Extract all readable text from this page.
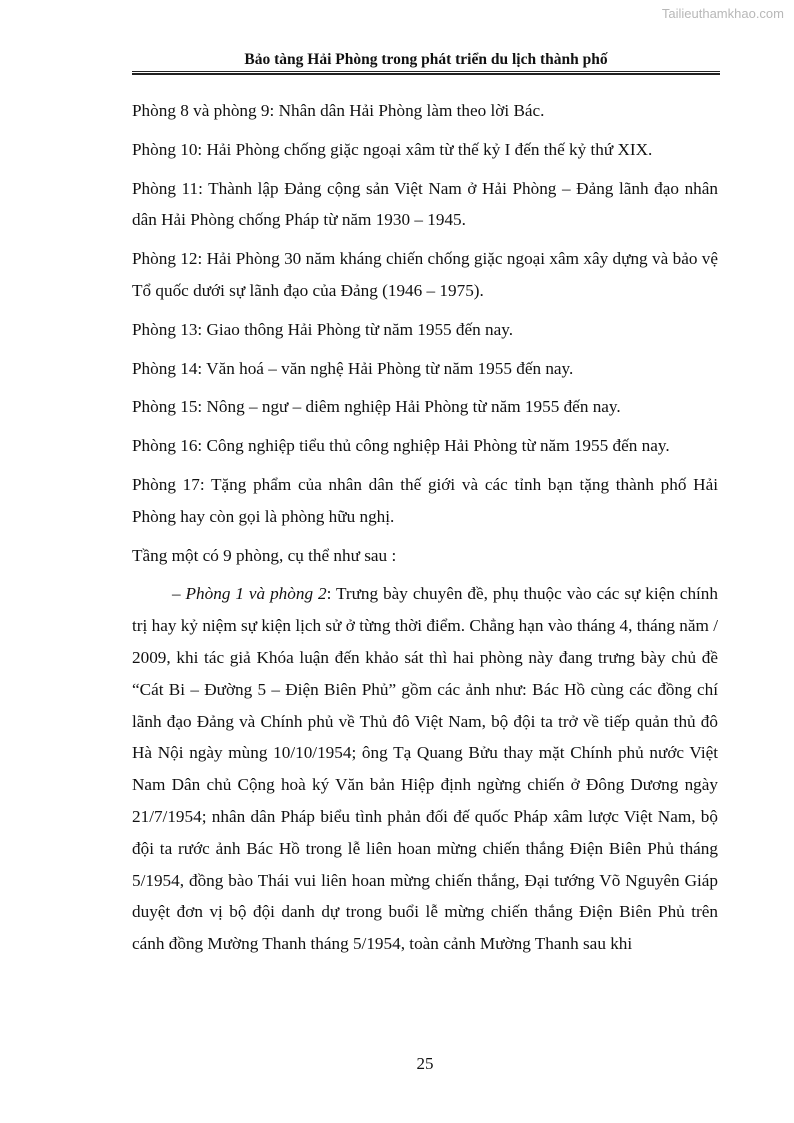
Tailieuthamkhao.com
Bảo tàng Hải Phòng trong phát triển du lịch thành phố

Phòng 8 và phòng 9: Nhân dân Hải Phòng làm theo lời Bác.

Phòng 10: Hải Phòng chống giặc ngoại xâm từ thế kỷ I đến thế kỷ thứ XIX.

Phòng 11: Thành lập Đảng cộng sản Việt Nam ở Hải Phòng – Đảng lãnh đạo nhân dân Hải Phòng chống Pháp từ năm 1930 – 1945.

Phòng 12: Hải Phòng 30 năm kháng chiến chống giặc ngoại xâm xây dựng và bảo vệ Tổ quốc dưới sự lãnh đạo của Đảng (1946 – 1975).

Phòng 13: Giao thông Hải Phòng từ năm 1955 đến nay.

Phòng 14: Văn hoá – văn nghệ Hải Phòng từ năm 1955 đến nay.

Phòng 15: Nông – ngư – diêm nghiệp Hải Phòng từ năm 1955 đến nay.

Phòng 16: Công nghiệp tiểu thủ công nghiệp Hải Phòng từ năm 1955 đến nay.

Phòng 17: Tặng phẩm của nhân dân thế giới và các tỉnh bạn tặng thành phố Hải Phòng hay còn gọi là phòng hữu nghị.

Tầng một có 9 phòng, cụ thể như sau :

– Phòng 1 và phòng 2: Trưng bày chuyên đề, phụ thuộc vào các sự kiện chính trị hay kỷ niệm sự kiện lịch sử ở từng thời điểm. Chẳng hạn vào tháng 4, tháng năm / 2009, khi tác giả Khóa luận đến khảo sát thì hai phòng này đang trưng bày chủ đề “Cát Bi – Đường 5 – Điện Biên Phủ” gồm các ảnh như: Bác Hồ cùng các đồng chí lãnh đạo Đảng và Chính phủ về Thủ đô Việt Nam, bộ đội ta trở về tiếp quản thủ đô Hà Nội ngày mùng 10/10/1954; ông Tạ Quang Bửu thay mặt Chính phủ nước Việt Nam Dân chủ Cộng hoà ký Văn bản Hiệp định ngừng chiến ở Đông Dương ngày 21/7/1954; nhân dân Pháp biểu tình phản đối đế quốc Pháp xâm lược Việt Nam, bộ đội ta rước ảnh Bác Hồ trong lễ liên hoan mừng chiến thắng Điện Biên Phủ tháng 5/1954, đồng bào Thái vui liên hoan mừng chiến thắng, Đại tướng Võ Nguyên Giáp duyệt đơn vị bộ đội danh dự trong buổi lễ mừng chiến thắng Điện Biên Phủ trên cánh đồng Mường Thanh tháng 5/1954, toàn cảnh Mường Thanh sau khi

25
